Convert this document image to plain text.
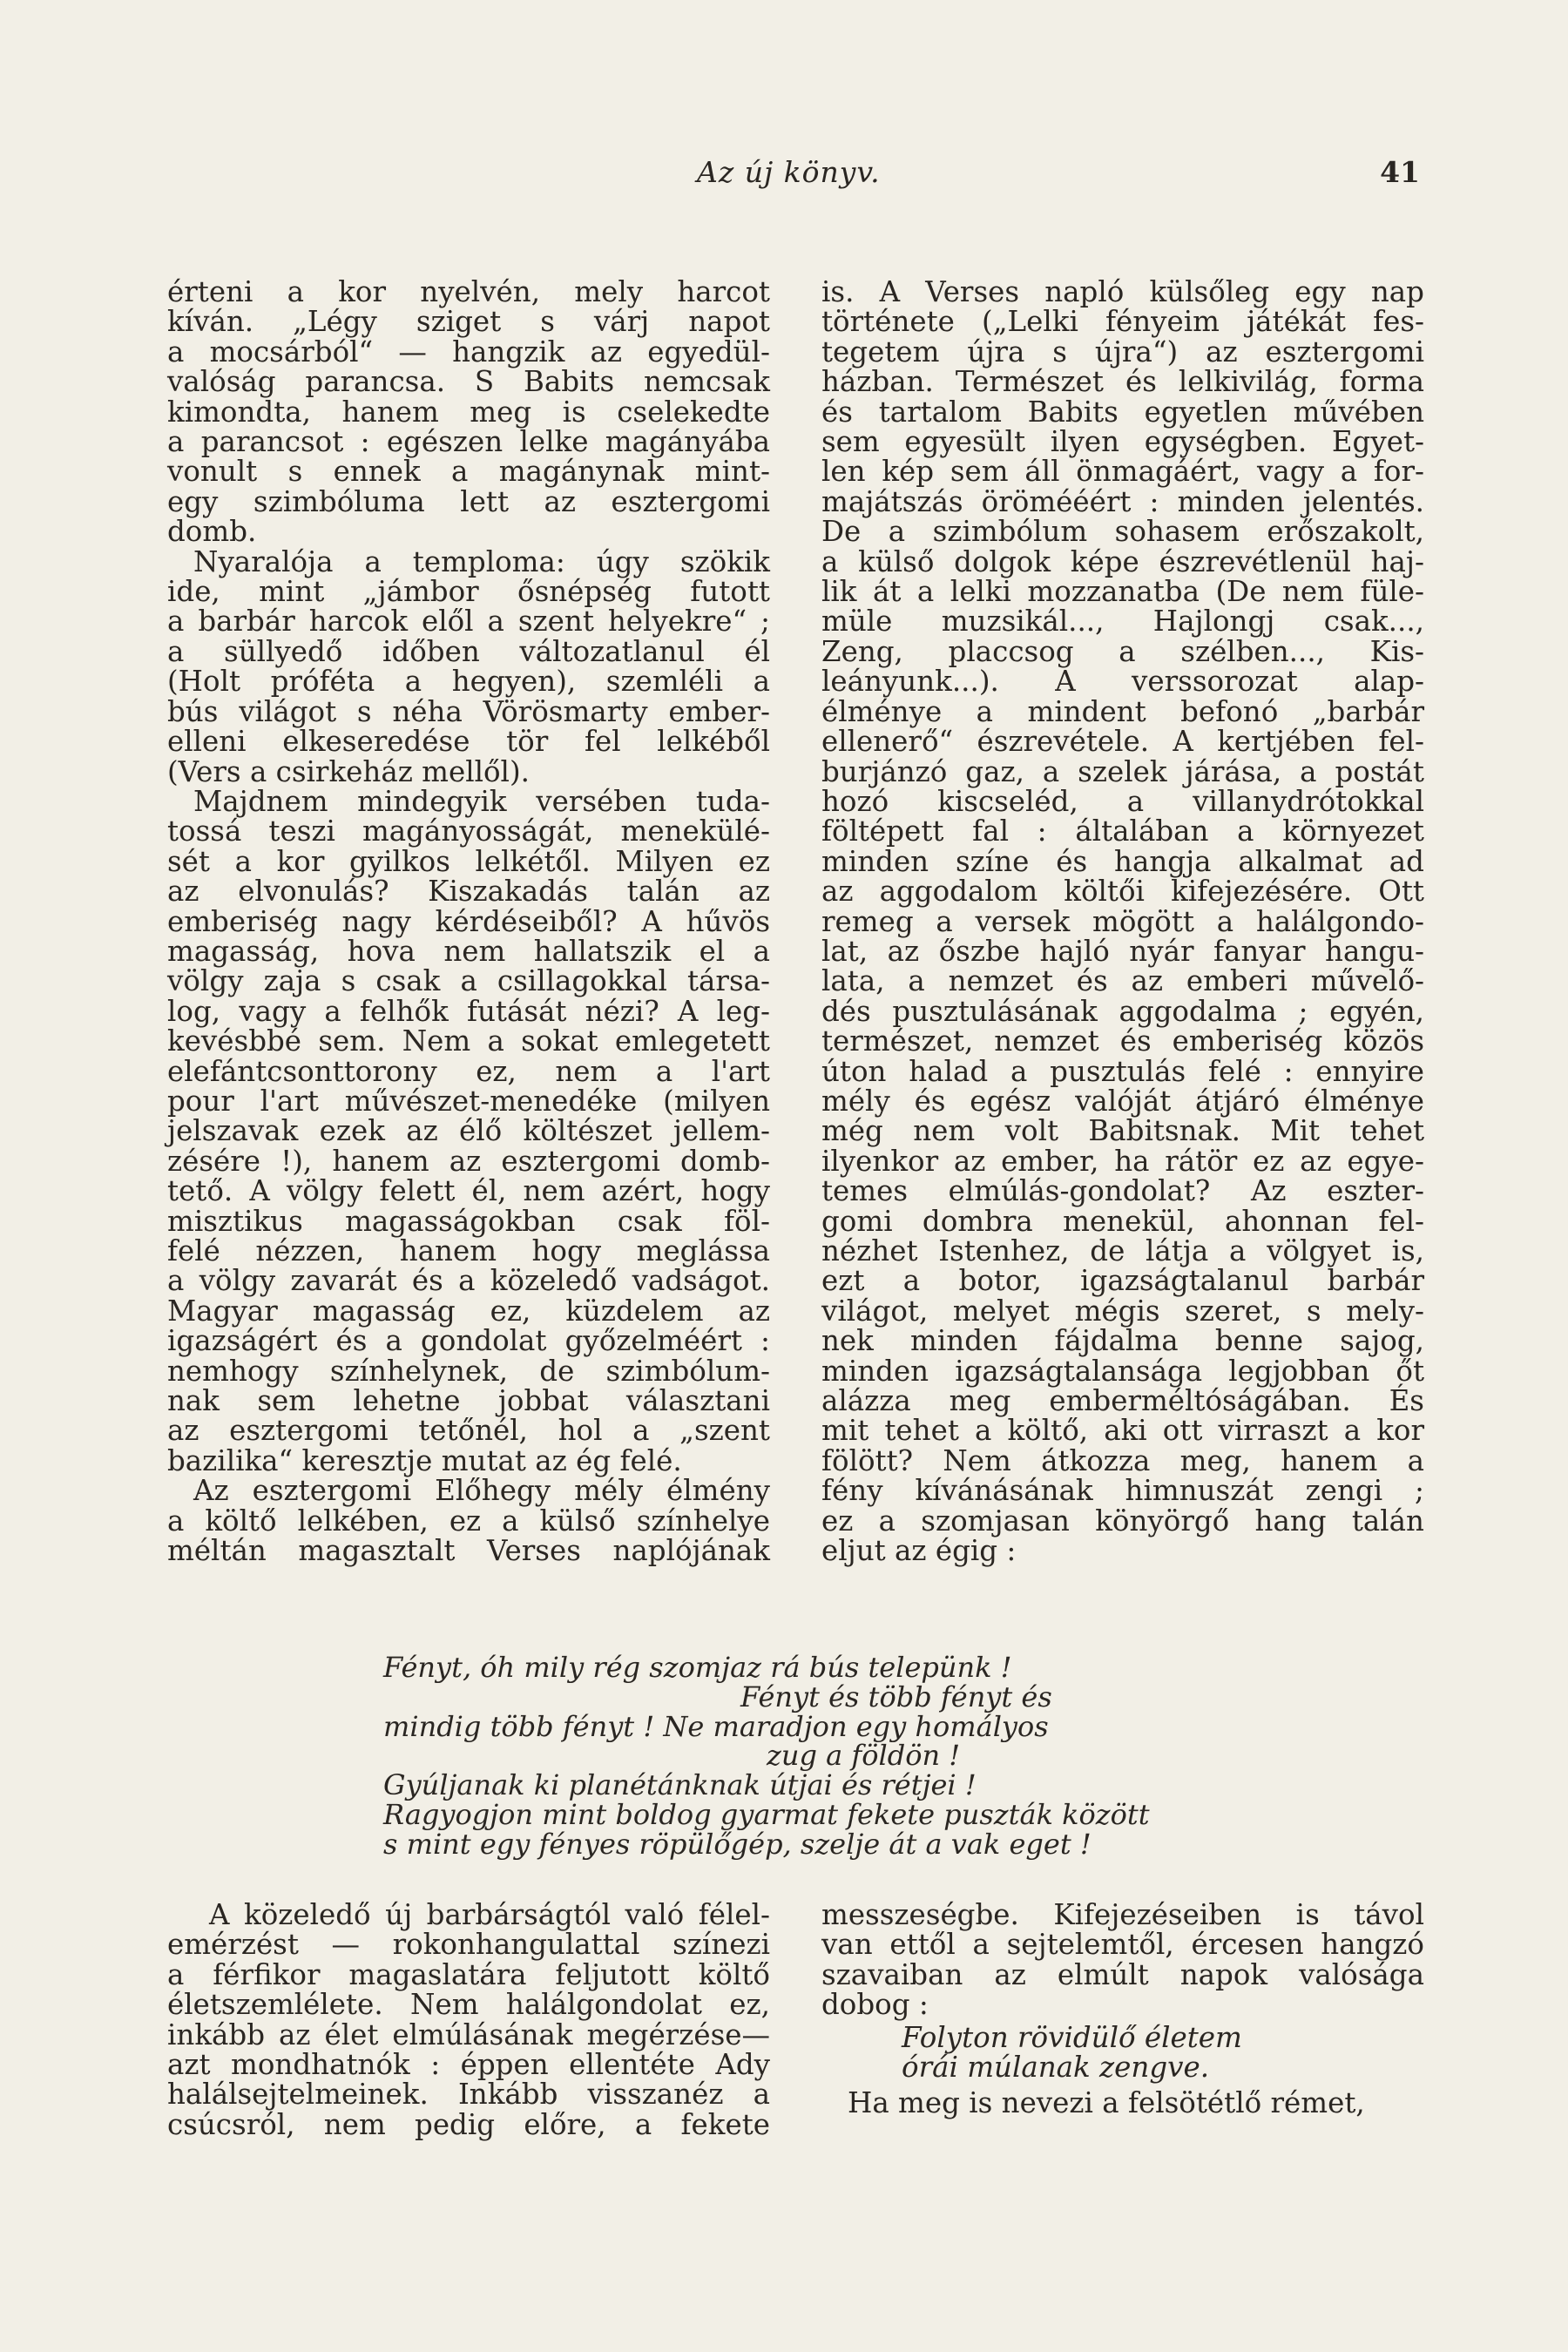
Az új könyv.	41
érteni a kor nyelvén, mely harcot
kíván. „Légy sziget s várj napot
a mocsárból“ — hangzik az egyedül-
valóság parancsa. S Babits nemcsak
kimondta, hanem meg is cselekedte
a parancsot : egészen lelke magányába
vonult s ennek a magánynak mint-
egy szimbóluma lett az esztergomi
domb.
Nyaralója a temploma: úgy szökik
ide, mint „jámbor ősnépség futott
a barbár harcok elől a szent helyekre“ ;
a süllyedő időben változatlanul él
(Holt próféta a hegyen), szemléli a
bús világot s néha Vörösmarty ember-
elleni elkeseredése tör fel lelkéből
(Vers a csirkeház mellől).
Majdnem mindegyik versében tuda-
tossá teszi magányosságát, menekülé-
sét a kor gyilkos lelkétől. Milyen ez
az elvonulás? Kiszakadás talán az
emberiség nagy kérdéseiből? A hűvös
magasság, hova nem hallatszik el a
völgy zaja s csak a csillagokkal társa-
log, vagy a felhők futását nézi? A leg-
kevésbbé sem. Nem a sokat emlegetett
elefántcsonttorony ez, nem a l'art
pour l'art művészet-menedéke (milyen
jelszavak ezek az élő költészet jellem-
zésére !), hanem az esztergomi domb-
tető. A völgy felett él, nem azért, hogy
misztikus magasságokban csak föl-
felé nézzen, hanem hogy meglássa
a völgy zavarát és a közeledő vadságot.
Magyar magasság ez, küzdelem az
igazságért és a gondolat győzelméért :
nemhogy színhelynek, de szimbólum-
nak sem lehetne jobbat választani
az esztergomi tetőnél, hol a „szent
bazilika“ keresztje mutat az ég felé.
Az esztergomi Előhegy mély élmény
a költő lelkében, ez a külső színhelye
méltán magasztalt Verses naplójának
is. A Verses napló külsőleg egy nap
története („Lelki fényeim játékát fes-
tegetem újra s újra“) az esztergomi
házban. Természet és lelkivilág, forma
és tartalom Babits egyetlen művében
sem egyesült ilyen egységben. Egyet-
len kép sem áll önmagáért, vagy a for-
majátszás örömééért : minden jelentés.
De a szimbólum sohasem erőszakolt,
a külső dolgok képe észrevétlenül haj-
lik át a lelki mozzanatba (De nem füle-
müle muzsikál..., Hajlongj csak...,
Zeng, placcsog a szélben..., Kis-
leányunk...). A verssorozat alap-
élménye a mindent befonó „barbár
ellenerő“ észrevétele. A kertjében fel-
burjánzó gaz, a szelek járása, a postát
hozó kiscseléd, a villanydrótokkal
föltépett fal : általában a környezet
minden színe és hangja alkalmat ad
az aggodalom költői kifejezésére. Ott
remeg a versek mögött a halálgondo-
lat, az őszbe hajló nyár fanyar hangu-
lata, a nemzet és az emberi művelő-
dés pusztulásának aggodalma ; egyén,
természet, nemzet és emberiség közös
úton halad a pusztulás felé : ennyire
mély és egész valóját átjáró élménye
még nem volt Babitsnak. Mit tehet
ilyenkor az ember, ha rátör ez az egye-
temes elmúlás-gondolat? Az eszter-
gomi dombra menekül, ahonnan fel-
nézhet Istenhez, de látja a völgyet is,
ezt a botor, igazságtalanul barbár
világot, melyet mégis szeret, s mely-
nek minden fájdalma benne sajog,
minden igazságtalansága legjobban őt
alázza meg emberméltóságában. És
mit tehet a költő, aki ott virraszt a kor
fölött? Nem átkozza meg, hanem a
fény kívánásának himnuszát zengi ;
ez a szomjasan könyörgő hang talán
eljut az égig :
Fényt, óh mily rég szomjaz rá bús telepünk !
Fényt és több fényt és
mindig több fényt ! Ne maradjon egy homályos
zug a földön !
Gyúljanak ki planétánknak útjai és rétjei !
Ragyogjon mint boldog gyarmat fekete puszták között
s mint egy fényes röpülőgép, szelje át a vak eget !
A közeledő új barbárságtól való félel-
emérzést — rokonhangulattal színezi
a férfikor magaslatára feljutott költő
életszemlélete. Nem halálgondolat ez,
inkább az élet elmúlásának megérzése—
azt mondhatnók : éppen ellentéte Ady
halálsejtelmeinek. Inkább visszanéz a
csúcsról, nem pedig előre, a fekete
messzeségbe. Kifejezéseiben is távol
van ettől a sejtelemtől, ércesen hangzó
szavaiban az elmúlt napok valósága
dobog :
Folyton rövidülő életem
órái múlanak zengve.
Ha meg is nevezi a felsötétlő rémet,
